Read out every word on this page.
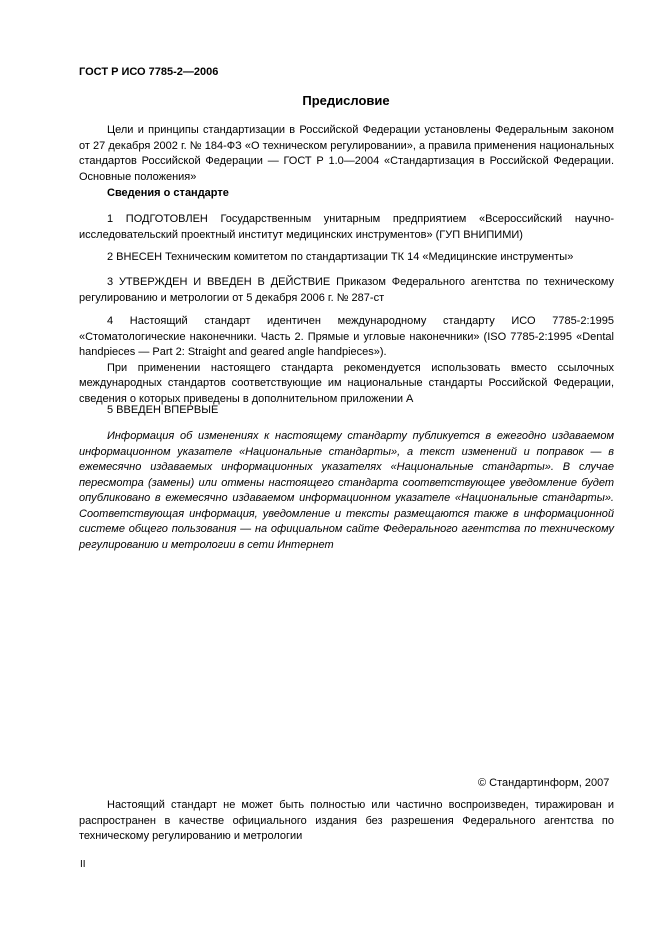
ГОСТ Р ИСО 7785-2—2006
Предисловие

Цели и принципы стандартизации в Российской Федерации установлены Федеральным законом от 27 декабря 2002 г. № 184-ФЗ «О техническом регулировании», а правила применения национальных стандартов Российской Федерации — ГОСТ Р 1.0—2004 «Стандартизация в Российской Федерации. Основные положения»

Сведения о стандарте

1 ПОДГОТОВЛЕН Государственным унитарным предприятием «Всероссийский научно-исследовательский проектный институт медицинских инструментов» (ГУП ВНИПИМИ)

2 ВНЕСЕН Техническим комитетом по стандартизации ТК 14 «Медицинские инструменты»

3 УТВЕРЖДЕН И ВВЕДЕН В ДЕЙСТВИЕ Приказом Федерального агентства по техническому регулированию и метрологии от 5 декабря 2006 г. № 287-ст

4 Настоящий стандарт идентичен международному стандарту ИСО 7785-2:1995 «Стоматологические наконечники. Часть 2. Прямые и угловые наконечники» (ISO 7785-2:1995 «Dental handpieces — Part 2: Straight and geared angle handpieces»).

При применении настоящего стандарта рекомендуется использовать вместо ссылочных международных стандартов соответствующие им национальные стандарты Российской Федерации, сведения о которых приведены в дополнительном приложении А

5 ВВЕДЕН ВПЕРВЫЕ

Информация об изменениях к настоящему стандарту публикуется в ежегодно издаваемом информационном указателе «Национальные стандарты», а текст изменений и поправок — в ежемесячно издаваемых информационных указателях «Национальные стандарты». В случае пересмотра (замены) или отмены настоящего стандарта соответствующее уведомление будет опубликовано в ежемесячно издаваемом информационном указателе «Национальные стандарты». Соответствующая информация, уведомление и тексты размещаются также в информационной системе общего пользования — на официальном сайте Федерального агентства по техническому регулированию и метрологии в сети Интернет

© Стандартинформ, 2007

Настоящий стандарт не может быть полностью или частично воспроизведен, тиражирован и распространен в качестве официального издания без разрешения Федерального агентства по техническому регулированию и метрологии

II
